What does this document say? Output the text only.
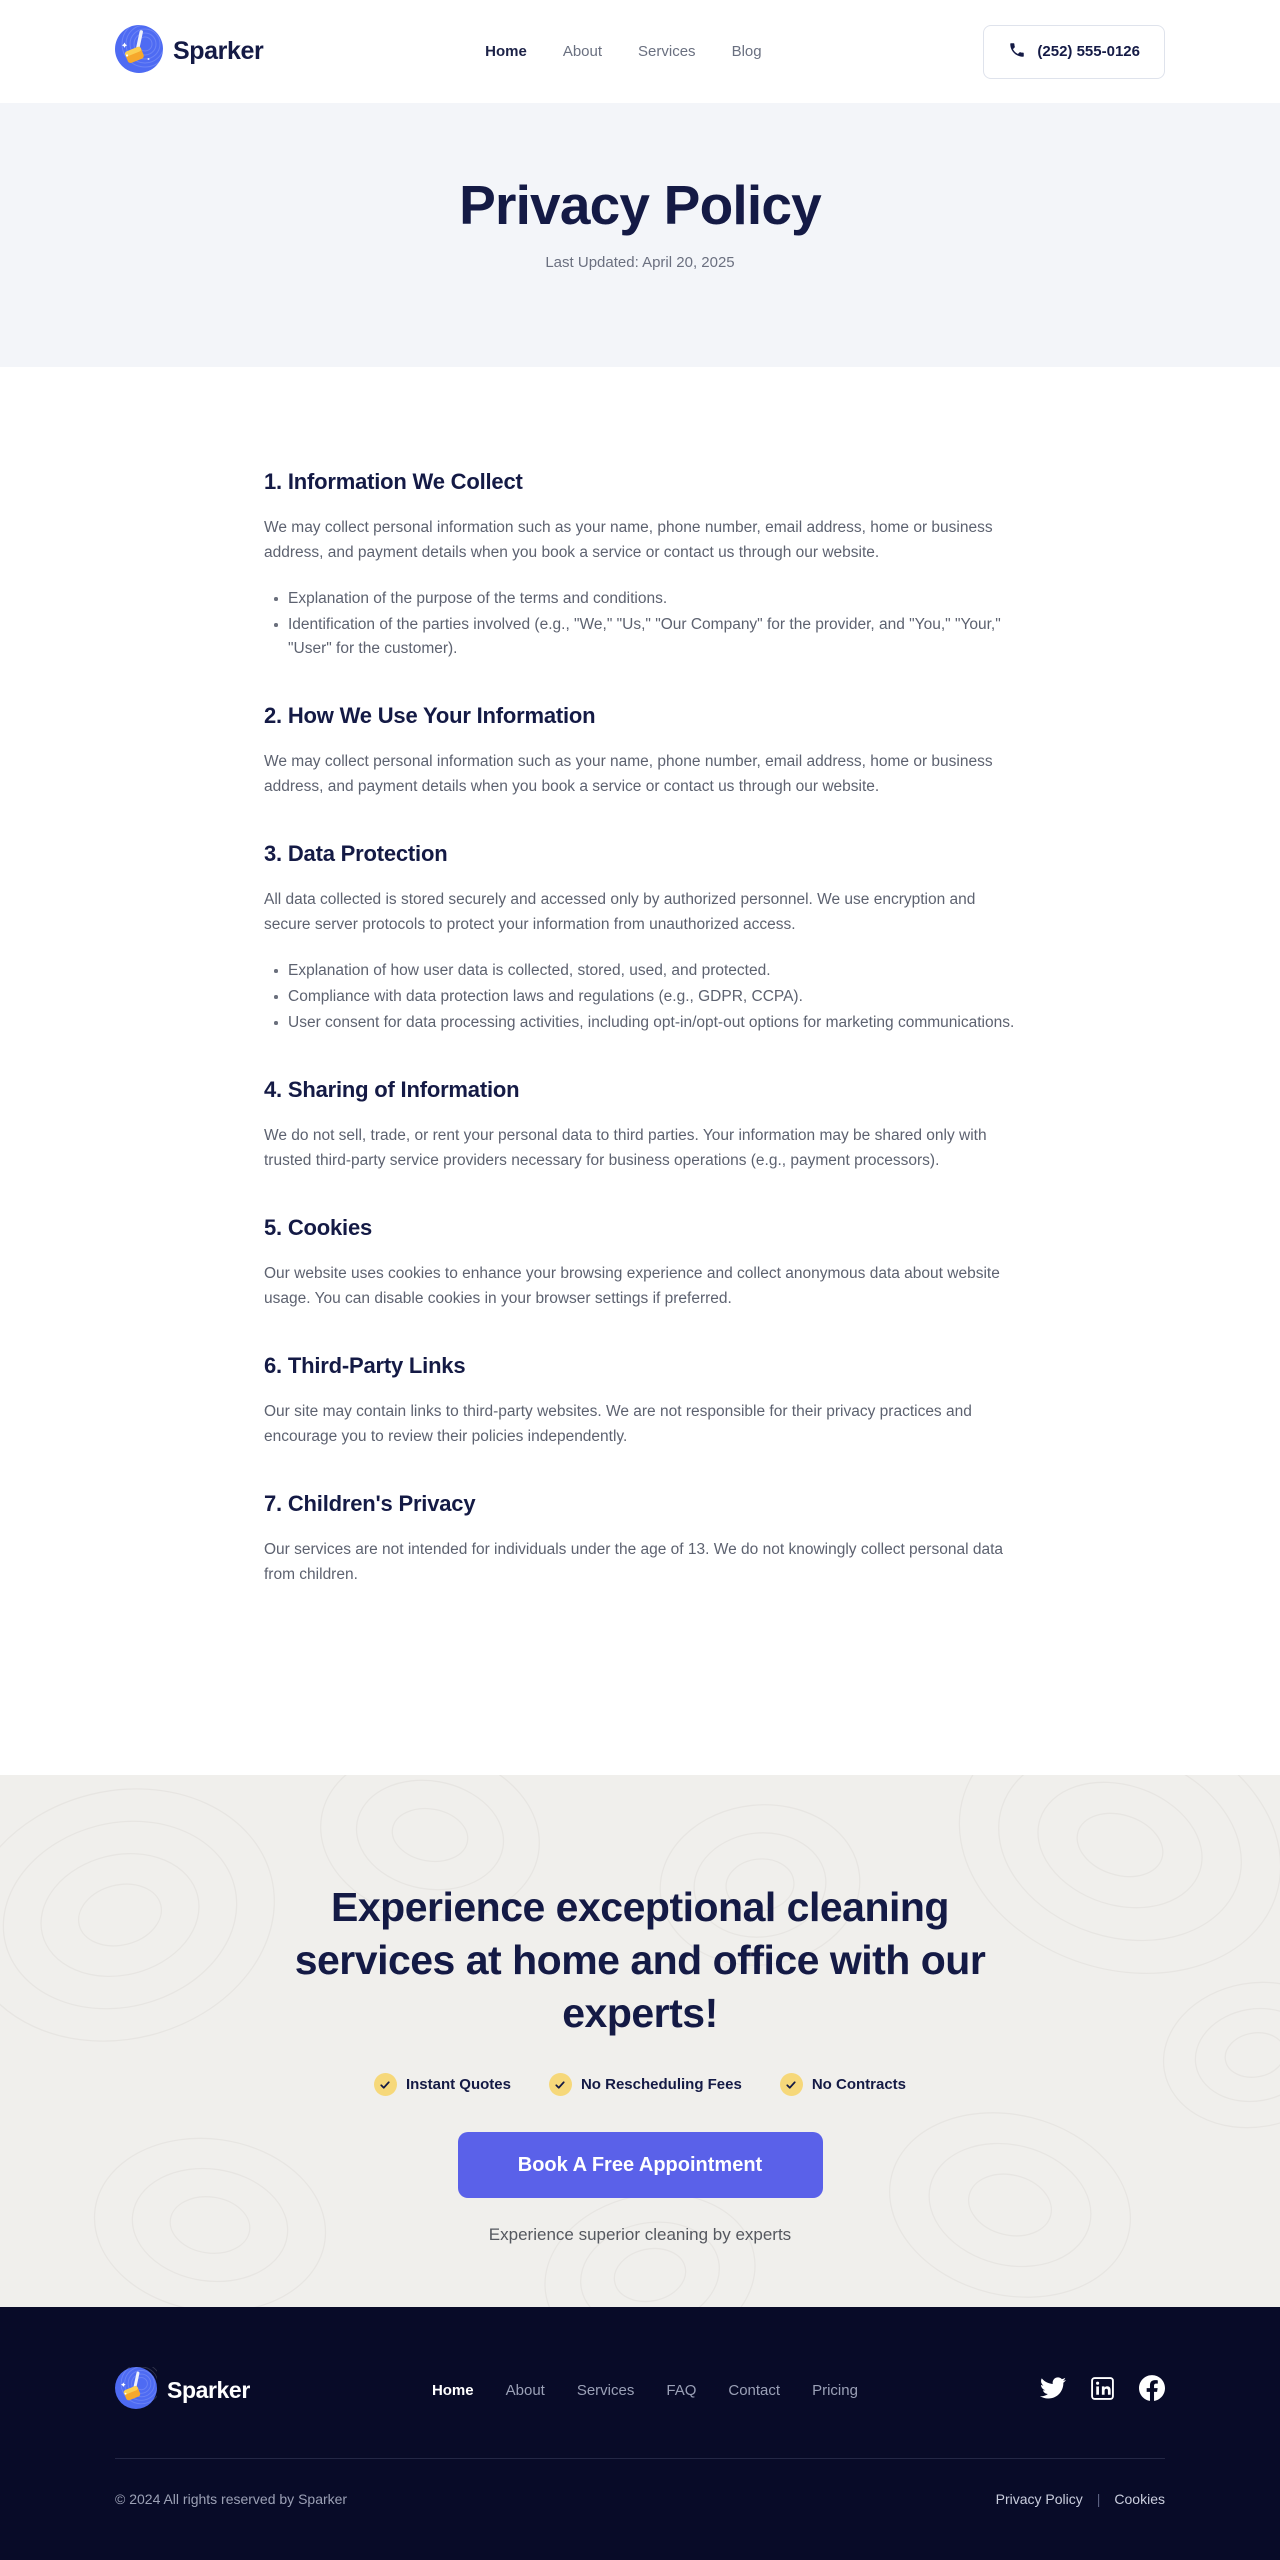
Sparker	Home About Services Blog	(252) 555-0126
Privacy Policy
Last Updated: April 20, 2025
1. Information We Collect

We may collect personal information such as your name, phone number, email address, home or business address, and payment details when you book a service or contact us through our website.

Explanation of the purpose of the terms and conditions.
Identification of the parties involved (e.g., "We," "Us," "Our Company" for the provider, and "You," "Your," "User" for the customer).
2. How We Use Your Information

We may collect personal information such as your name, phone number, email address, home or business address, and payment details when you book a service or contact us through our website.

3. Data Protection

All data collected is stored securely and accessed only by authorized personnel. We use encryption and secure server protocols to protect your information from unauthorized access.

Explanation of how user data is collected, stored, used, and protected.
Compliance with data protection laws and regulations (e.g., GDPR, CCPA).
User consent for data processing activities, including opt-in/opt-out options for marketing communications.
4. Sharing of Information

We do not sell, trade, or rent your personal data to third parties. Your information may be shared only with trusted third-party service providers necessary for business operations (e.g., payment processors).

5. Cookies

Our website uses cookies to enhance your browsing experience and collect anonymous data about website usage. You can disable cookies in your browser settings if preferred.

6. Third-Party Links

Our site may contain links to third-party websites. We are not responsible for their privacy practices and encourage you to review their policies independently.

7. Children's Privacy

Our services are not intended for individuals under the age of 13. We do not knowingly collect personal data from children.

Experience exceptional cleaning services at home and office with our experts!
Instant Quotes	No Rescheduling Fees	No Contracts
Book A Free Appointment
Experience superior cleaning by experts
Sparker	Home About Services FAQ Contact Pricing
© 2024 All rights reserved by Sparker	Privacy Policy | Cookies
